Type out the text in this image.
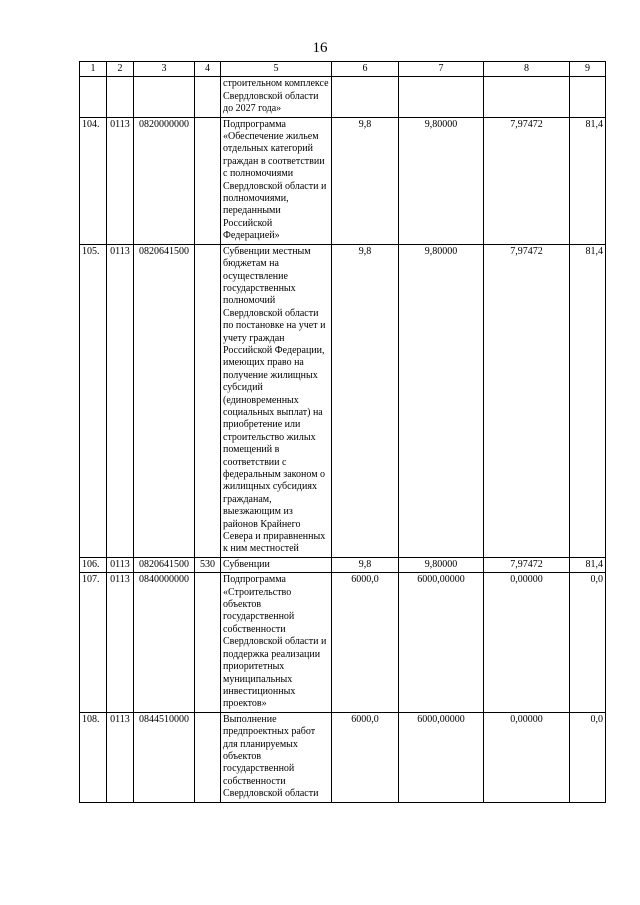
16
1	2	3	4	5	6	7	8	9
				строительном комплексе Свердловской области до 2027 года»				
104.	0113	0820000000		Подпрограмма «Обеспечение жильем отдельных категорий граждан в соответствии с полномочиями Свердловской области и полномочиями, переданными Российской Федерацией»	9,8	9,80000	7,97472	81,4
105.	0113	0820641500		Субвенции местным бюджетам на осуществление государственных полномочий Свердловской области по постановке на учет и учету граждан Российской Федерации, имеющих право на получение жилищных субсидий (единовременных социальных выплат) на приобретение или строительство жилых помещений в соответствии с федеральным законом о жилищных субсидиях гражданам, выезжающим из районов Крайнего Севера и приравненных к ним местностей	9,8	9,80000	7,97472	81,4
106.	0113	0820641500	530	Субвенции	9,8	9,80000	7,97472	81,4
107.	0113	0840000000		Подпрограмма «Строительство объектов государственной собственности Свердловской области и поддержка реализации приоритетных муниципальных инвестиционных проектов»	6000,0	6000,00000	0,00000	0,0
108.	0113	0844510000		Выполнение предпроектных работ для планируемых объектов государственной собственности Свердловской области	6000,0	6000,00000	0,00000	0,0
